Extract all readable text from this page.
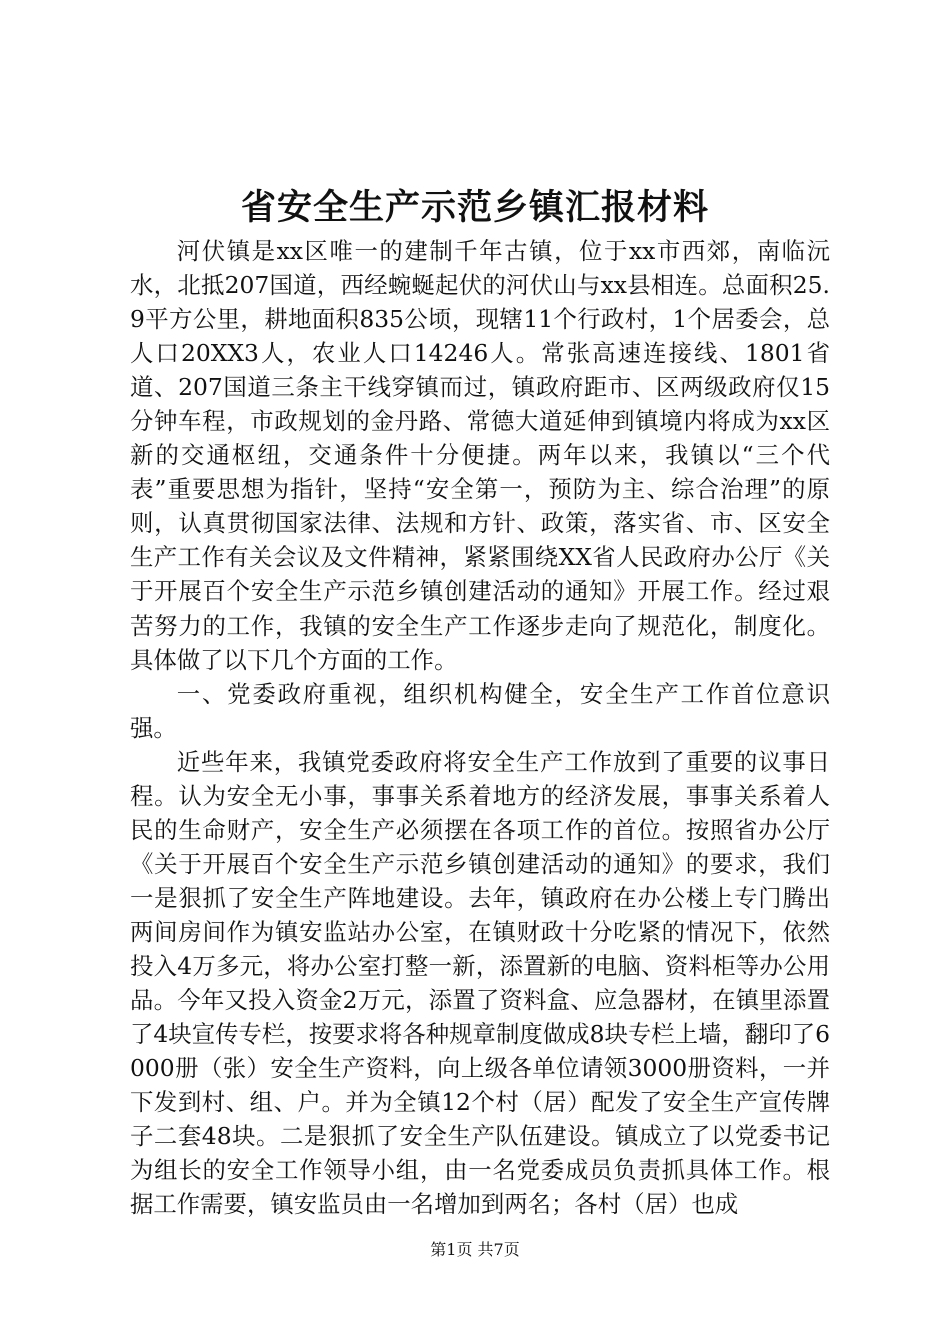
省安全生产示范乡镇汇报材料

河伏镇是xx区唯一的建制千年古镇，位于xx市西郊，南临沅水，北抵207国道，西经蜿蜒起伏的河伏山与xx县相连。总面积25.9平方公里，耕地面积835公顷，现辖11个行政村，1个居委会，总人口20XX3人，农业人口14246人。常张高速连接线、1801省道、207国道三条主干线穿镇而过，镇政府距市、区两级政府仅15分钟车程，市政规划的金丹路、常德大道延伸到镇境内将成为xx区新的交通枢纽，交通条件十分便捷。两年以来，我镇以“三个代表”重要思想为指针，坚持“安全第一，预防为主、综合治理”的原则，认真贯彻国家法律、法规和方针、政策，落实省、市、区安全生产工作有关会议及文件精神，紧紧围绕XX省人民政府办公厅《关于开展百个安全生产示范乡镇创建活动的通知》开展工作。经过艰苦努力的工作，我镇的安全生产工作逐步走向了规范化，制度化。具体做了以下几个方面的工作。

一、党委政府重视，组织机构健全，安全生产工作首位意识强。

近些年来，我镇党委政府将安全生产工作放到了重要的议事日程。认为安全无小事，事事关系着地方的经济发展，事事关系着人民的生命财产，安全生产必须摆在各项工作的首位。按照省办公厅《关于开展百个安全生产示范乡镇创建活动的通知》的要求，我们一是狠抓了安全生产阵地建设。去年，镇政府在办公楼上专门腾出两间房间作为镇安监站办公室，在镇财政十分吃紧的情况下，依然投入4万多元，将办公室打整一新，添置新的电脑、资料柜等办公用品。今年又投入资金2万元，添置了资料盒、应急器材，在镇里添置了4块宣传专栏，按要求将各种规章制度做成8块专栏上墙，翻印了6000册（张）安全生产资料，向上级各单位请领3000册资料，一并下发到村、组、户。并为全镇12个村（居）配发了安全生产宣传牌子二套48块。二是狠抓了安全生产队伍建设。镇成立了以党委书记为组长的安全工作领导小组，由一名党委成员负责抓具体工作。根据工作需要，镇安监员由一名增加到两名；各村（居）也成

第1页 共7页
